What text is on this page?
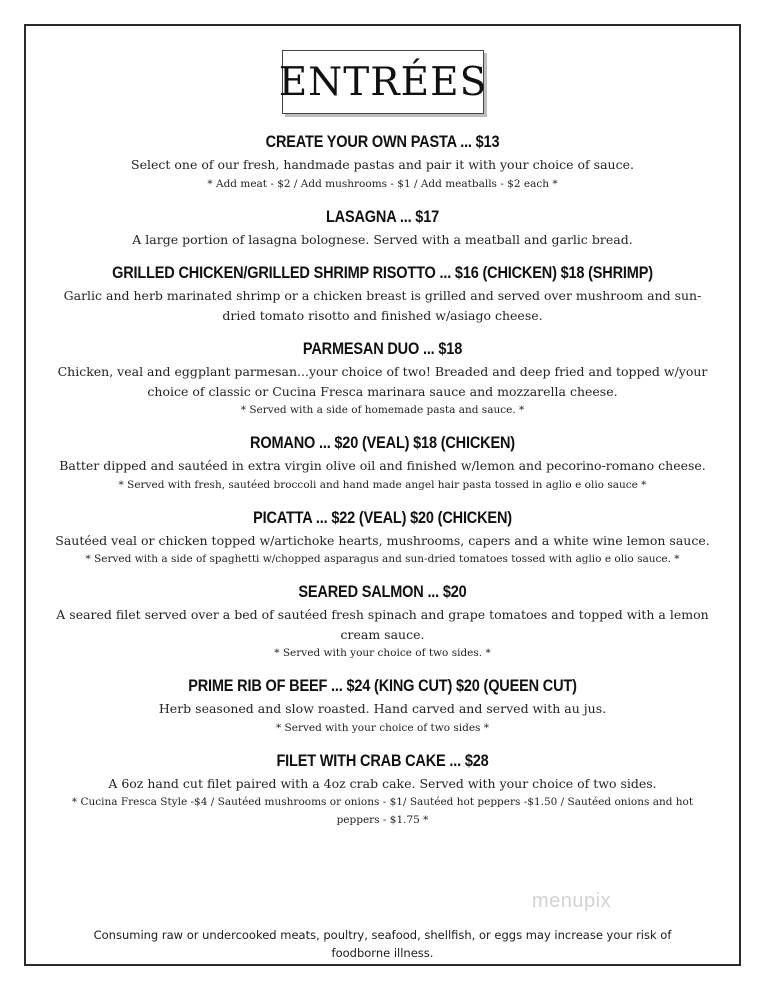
ENTRÉES
CREATE YOUR OWN PASTA ... $13
Select one of our fresh, handmade pastas and pair it with your choice of sauce.
* Add meat - $2 / Add mushrooms - $1 / Add meatballs - $2 each *
LASAGNA ... $17
A large portion of lasagna bolognese. Served with a meatball and garlic bread.
GRILLED CHICKEN/GRILLED SHRIMP RISOTTO ... $16 (CHICKEN) $18 (SHRIMP)
Garlic and herb marinated shrimp or a chicken breast is grilled and served over mushroom and sun-dried tomato risotto and finished w/asiago cheese.
PARMESAN DUO ... $18
Chicken, veal and eggplant parmesan...your choice of two! Breaded and deep fried and topped w/your choice of classic or Cucina Fresca marinara sauce and mozzarella cheese.
* Served with a side of homemade pasta and sauce. *
ROMANO ... $20 (VEAL) $18 (CHICKEN)
Batter dipped and sautéed in extra virgin olive oil and finished w/lemon and pecorino-romano cheese.
* Served with fresh, sautéed broccoli and hand made angel hair pasta tossed in aglio e olio sauce *
PICATTA ... $22 (VEAL) $20 (CHICKEN)
Sautéed veal or chicken topped w/artichoke hearts, mushrooms, capers and a white wine lemon sauce.
* Served with a side of spaghetti w/chopped asparagus and sun-dried tomatoes tossed with aglio e olio sauce. *
SEARED SALMON ... $20
A seared filet served over a bed of sautéed fresh spinach and grape tomatoes and topped with a lemon cream sauce.
* Served with your choice of two sides. *
PRIME RIB OF BEEF ... $24 (KING CUT) $20 (QUEEN CUT)
Herb seasoned and slow roasted. Hand carved and served with au jus.
* Served with your choice of two sides *
FILET WITH CRAB CAKE ... $28
A 6oz hand cut filet paired with a 4oz crab cake. Served with your choice of two sides.
* Cucina Fresca Style -$4 / Sautéed mushrooms or onions - $1/ Sautéed hot peppers -$1.50 / Sautéed onions and hot peppers - $1.75 *
menupix
Consuming raw or undercooked meats, poultry, seafood, shellfish, or eggs may increase your risk of foodborne illness.
